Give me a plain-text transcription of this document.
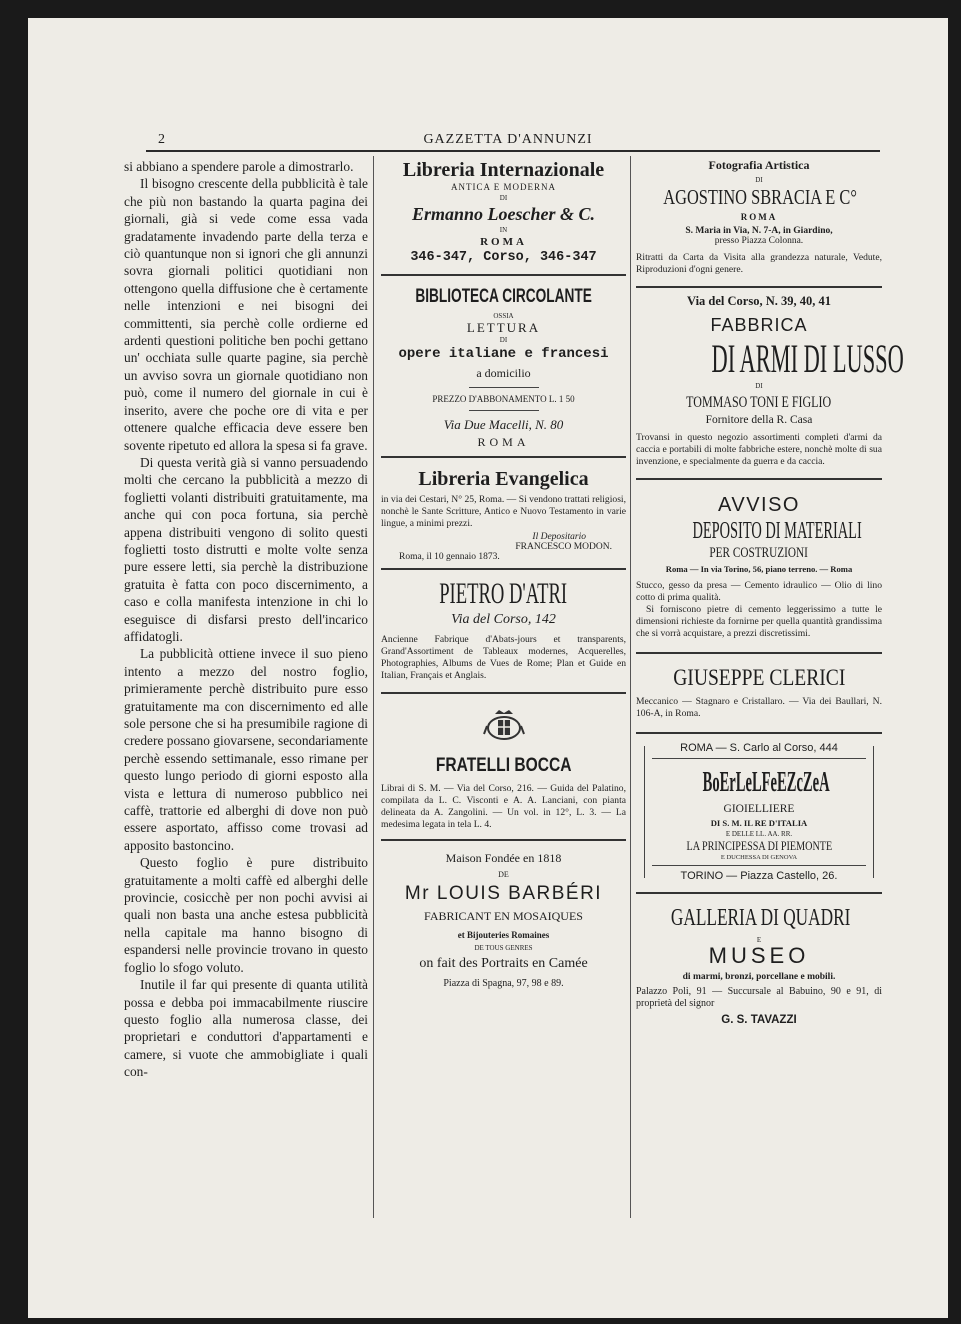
2	GAZZETTA D'ANNUNZI

si abbiano a spendere parole a dimostrarlo.

Il bisogno crescente della pubblicità è tale che più non bastando la quarta pagina dei giornali, già si vede come essa vada gradatamente invadendo parte della terza e ciò quantunque non si ignori che gli annunzi sovra giornali politici quotidiani non ottengono quella diffusione che è certamente nelle intenzioni e nei bisogni dei committenti, sia perchè colle ordierne ed ardenti questioni politiche ben pochi gettano un' occhiata sulle quarte pagine, sia perchè un avviso sovra un giornale quotidiano non può, come il numero del giornale in cui è inserito, avere che poche ore di vita e per ottenere qualche efficacia deve essere ben sovente ripetuto ed allora la spesa si fa grave.

Di questa verità già si vanno persuadendo molti che cercano la pubblicità a mezzo di foglietti volanti distribuiti gratuitamente, ma anche qui con poca fortuna, sia perchè appena distribuiti vengono di solito questi foglietti tosto distrutti e molte volte senza pure essere letti, sia perchè la distribuzione gratuita è fatta con poco discernimento, a caso e colla manifesta intenzione in chi lo eseguisce di disfarsi presto dell'incarico affidatogli.

La pubblicità ottiene invece il suo pieno intento a mezzo del nostro foglio, primieramente perchè distribuito pure esso gratuitamente ma con discernimento ed alle sole persone che si ha presumibile ragione di credere possano giovarsene, secondariamente perchè essendo settimanale, esso rimane per questo lungo periodo di giorni esposto alla vista e lettura di numeroso pubblico nei caffè, trattorie ed alberghi di dove non può essere asportato, affisso come trovasi ad apposito bastoncino.

Questo foglio è pure distribuito gratuitamente a molti caffè ed alberghi delle provincie, cosicchè per non pochi avvisi ai quali non basta una anche estesa pubblicità nella capitale ma hanno bisogno di espandersi nelle provincie trovano in questo foglio lo sfogo voluto.

Inutile il far qui presente di quanta utilità possa e debba poi immacabilmente riuscire questo foglio alla numerosa classe, dei proprietari e conduttori d'appartamenti e camere, si vuote che ammobigliate i quali con-

Libreria Internazionale
ANTICA E MODERNA
DI
Ermanno Loescher & C.
IN
ROMA
346-347, Corso, 346-347
BIBLIOTECA CIRCOLANTE
OSSIA
LETTURA
DI
opere italiane e francesi
a domicilio
PREZZO D'ABBONAMENTO L. 1 50
Via Due Macelli, N. 80
ROMA
Libreria Evangelica
in via dei Cestari, N° 25, Roma. — Si vendono trattati religiosi, nonchè le Sante Scritture, Antico e Nuovo Testamento in varie lingue, a minimi prezzi.
Il Depositario
FRANCESCO MODON.
Roma, il 10 gennaio 1873.
PIETRO D'ATRI
Via del Corso, 142
Ancienne Fabrique d'Abats-jours et transparents, Grand'Assortiment de Tableaux modernes, Acquerelles, Photographies, Albums de Vues de Rome; Plan et Guide en Italian, Français et Anglais.
FRATELLI BOCCA
Librai di S. M. — Via del Corso, 216. — Guida del Palatino, compilata da L. C. Visconti e A. A. Lanciani, con pianta delineata da A. Zangolini. — Un vol. in 12°, L. 3. — La medesima legata in tela L. 4.
Maison Fondée en 1818
DE
Mr LOUIS BARBÉRI
FABRICANT EN MOSAIQUES
et Bijouteries Romaines
DE TOUS GENRES
on fait des Portraits en Camée
Piazza di Spagna, 97, 98 e 89.
Fotografia Artistica
DI
AGOSTINO SBRACIA E C°
ROMA
S. Maria in Via, N. 7-A, in Giardino,
presso Piazza Colonna.
Ritratti da Carta da Visita alla grandezza naturale, Vedute, Riproduzioni d'ogni genere.
Via del Corso, N. 39, 40, 41
FABBRICA
DI ARMI DI LUSSO
DI
TOMMASO TONI E FIGLIO
Fornitore della R. Casa
Trovansi in questo negozio assortimenti completi d'armi da caccia e portabili di molte fabbriche estere, nonchè molte di sua invenzione, e specialmente da guerra e da caccia.
AVVISO
DEPOSITO DI MATERIALI
PER COSTRUZIONI
Roma — In via Torino, 56, piano terreno. — Roma
Stucco, gesso da presa — Cemento idraulico — Olio di lino cotto di prima qualità.
Si forniscono pietre di cemento leggerissimo a tutte le dimensioni richieste da fornirne per quella quantità grandissima che si vorrà acquistare, a prezzi discretissimi.
GIUSEPPE CLERICI
Meccanico — Stagnaro e Cristallaro. — Via dei Baullari, N. 106-A, in Roma.
ROMA — S. Carlo al Corso, 444
BoErLeLFeEZcZeA
GIOIELLIERE
DI S. M. IL RE D'ITALIA
E DELLE LL. AA. RR.
LA PRINCIPESSA DI PIEMONTE
E DUCHESSA DI GENOVA
TORINO — Piazza Castello, 26.
GALLERIA DI QUADRI
E
MUSEO
di marmi, bronzi, porcellane e mobili.
Palazzo Poli, 91 — Succursale al Babuino, 90 e 91, di proprietà del signor
G. S. TAVAZZI
